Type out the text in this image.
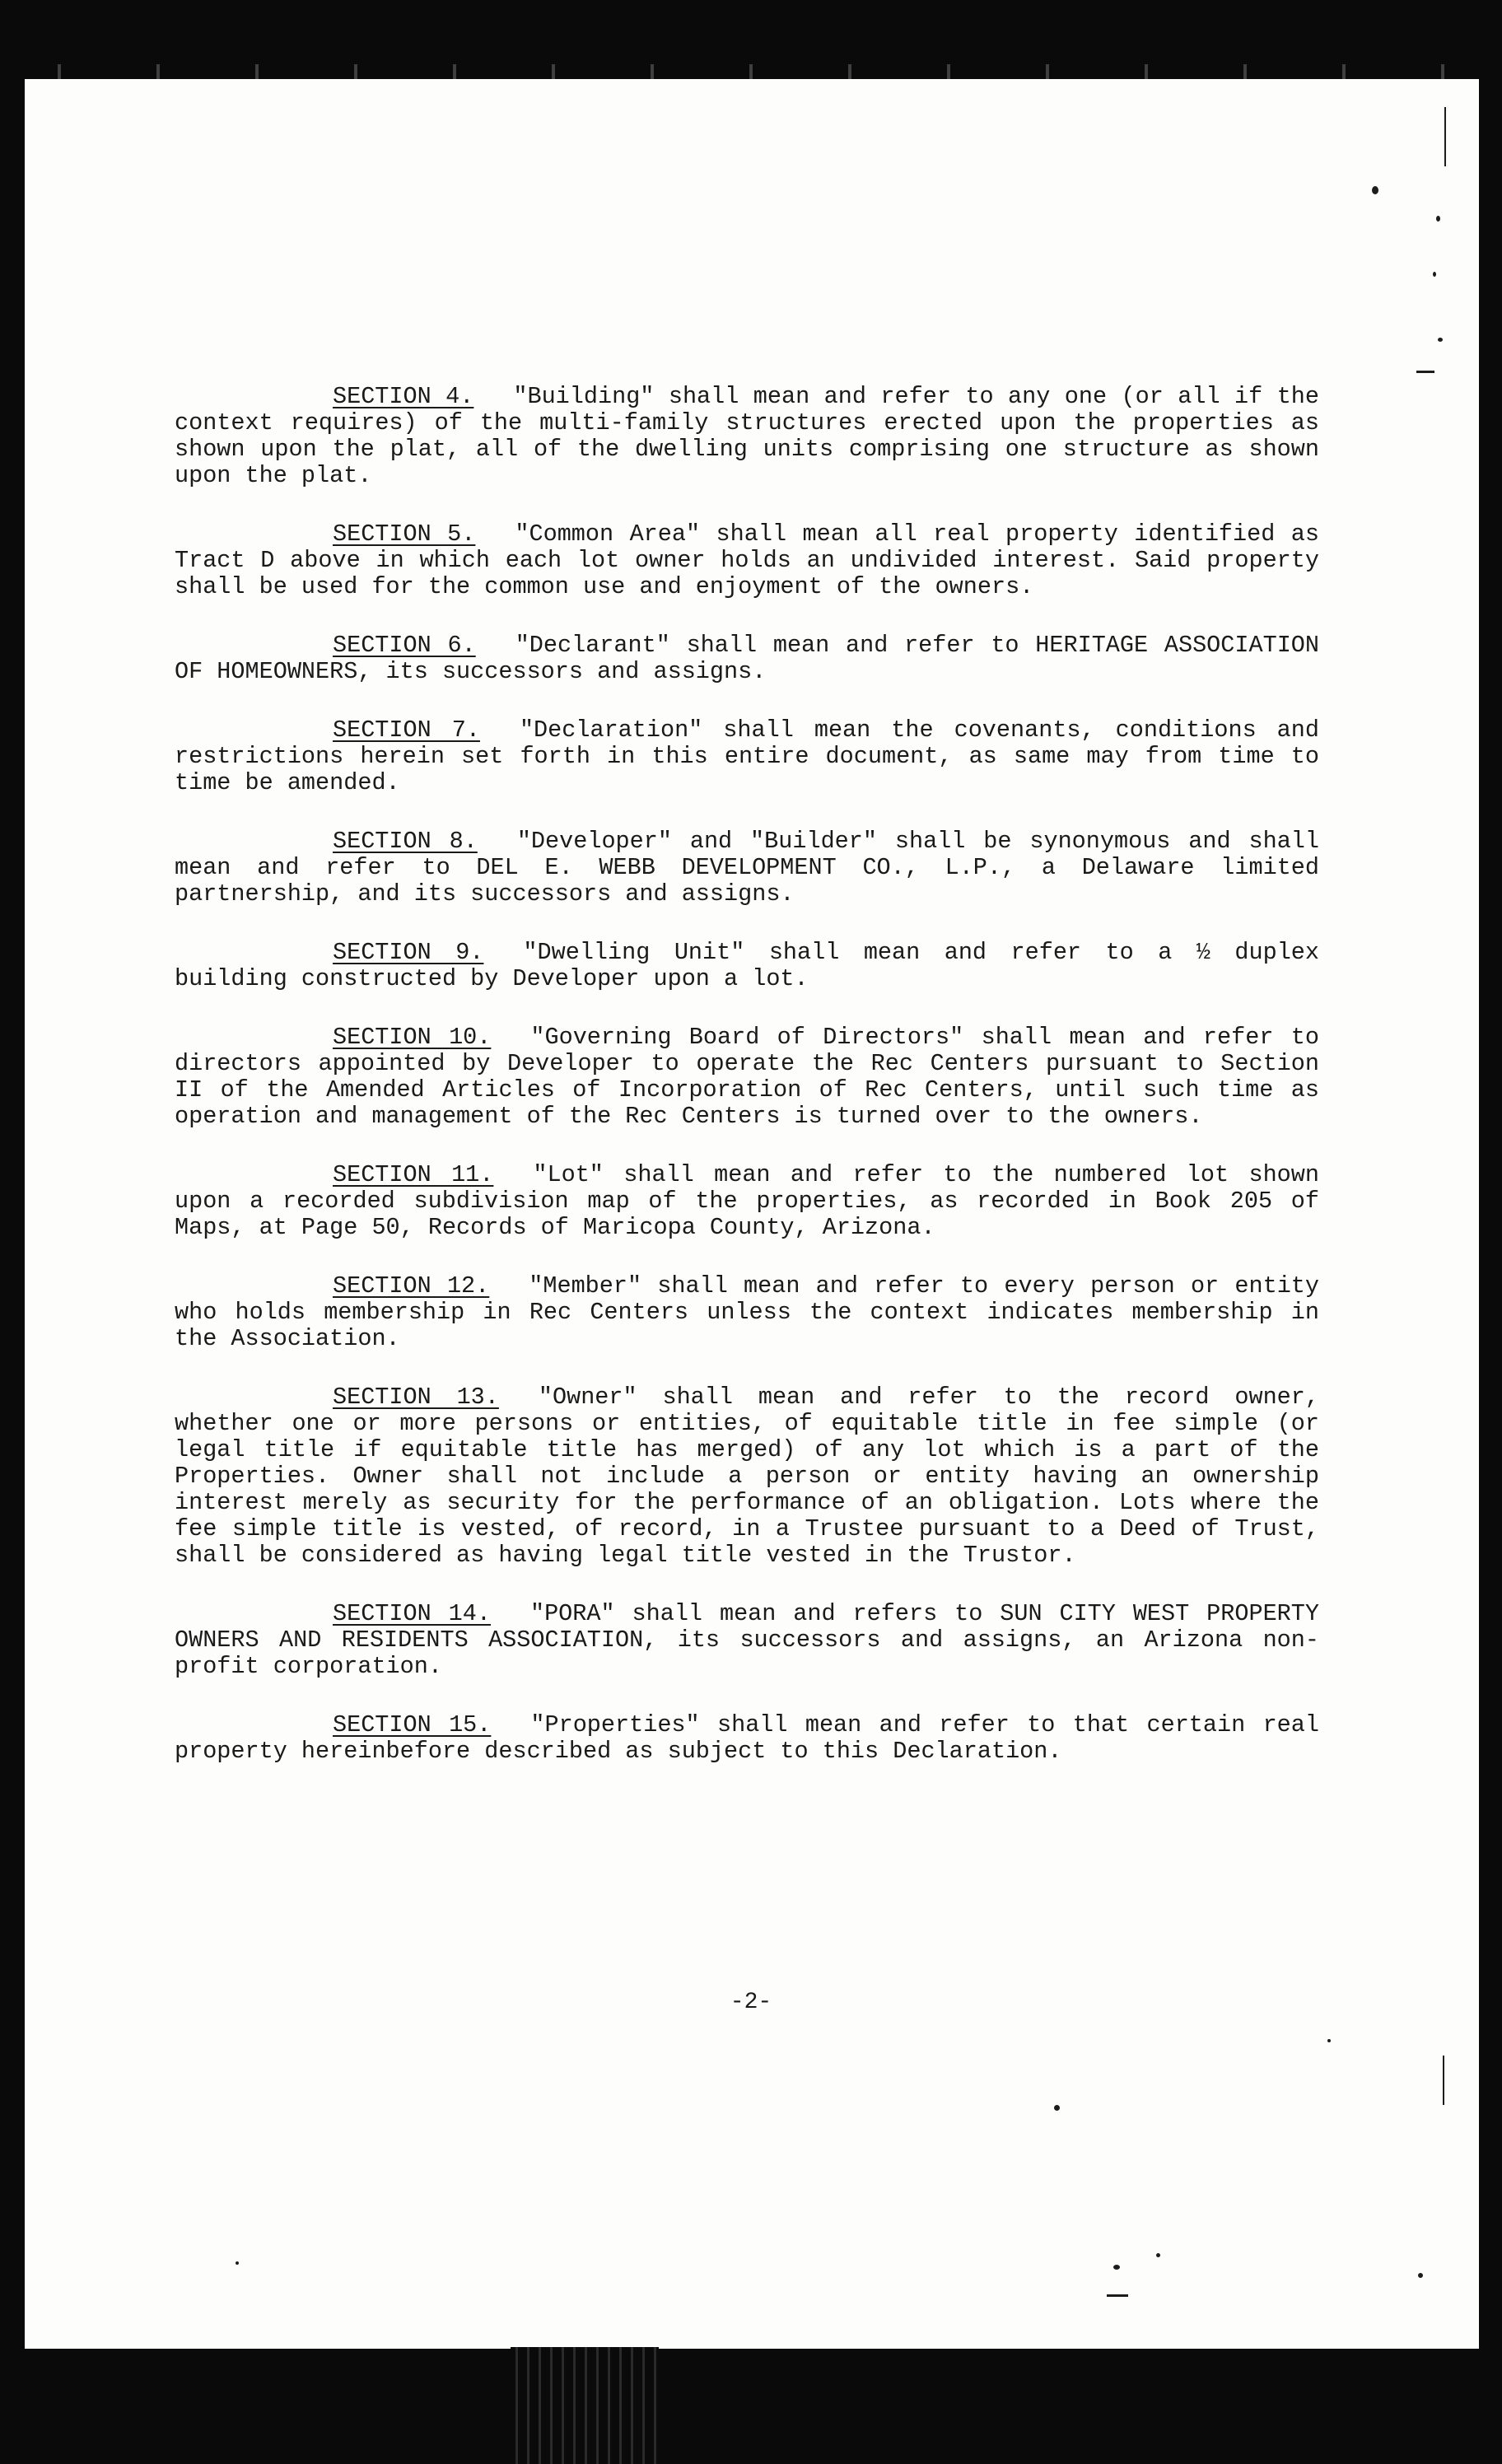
SECTION 4. "Building" shall mean and refer to any one (or all if the context requires) of the multi-family structures erected upon the properties as shown upon the plat, all of the dwelling units comprising one structure as shown upon the plat.

SECTION 5. "Common Area" shall mean all real property identified as Tract D above in which each lot owner holds an undivided interest. Said property shall be used for the common use and enjoyment of the owners.

SECTION 6. "Declarant" shall mean and refer to HERITAGE ASSOCIATION OF HOMEOWNERS, its successors and assigns.

SECTION 7. "Declaration" shall mean the covenants, conditions and restrictions herein set forth in this entire document, as same may from time to time be amended.

SECTION 8. "Developer" and "Builder" shall be synonymous and shall mean and refer to DEL E. WEBB DEVELOPMENT CO., L.P., a Delaware limited partnership, and its successors and assigns.

SECTION 9. "Dwelling Unit" shall mean and refer to a ½ duplex building constructed by Developer upon a lot.

SECTION 10. "Governing Board of Directors" shall mean and refer to directors appointed by Developer to operate the Rec Centers pursuant to Section II of the Amended Articles of Incorporation of Rec Centers, until such time as operation and management of the Rec Centers is turned over to the owners.

SECTION 11. "Lot" shall mean and refer to the numbered lot shown upon a recorded subdivision map of the properties, as recorded in Book 205 of Maps, at Page 50, Records of Maricopa County, Arizona.

SECTION 12. "Member" shall mean and refer to every person or entity who holds membership in Rec Centers unless the context indicates membership in the Association.

SECTION 13. "Owner" shall mean and refer to the record owner, whether one or more persons or entities, of equitable title in fee simple (or legal title if equitable title has merged) of any lot which is a part of the Properties. Owner shall not include a person or entity having an ownership interest merely as security for the performance of an obligation. Lots where the fee simple title is vested, of record, in a Trustee pursuant to a Deed of Trust, shall be considered as having legal title vested in the Trustor.

SECTION 14. "PORA" shall mean and refers to SUN CITY WEST PROPERTY OWNERS AND RESIDENTS ASSOCIATION, its successors and assigns, an Arizona non-profit corporation.

SECTION 15. "Properties" shall mean and refer to that certain real property hereinbefore described as subject to this Declaration.

-2-
